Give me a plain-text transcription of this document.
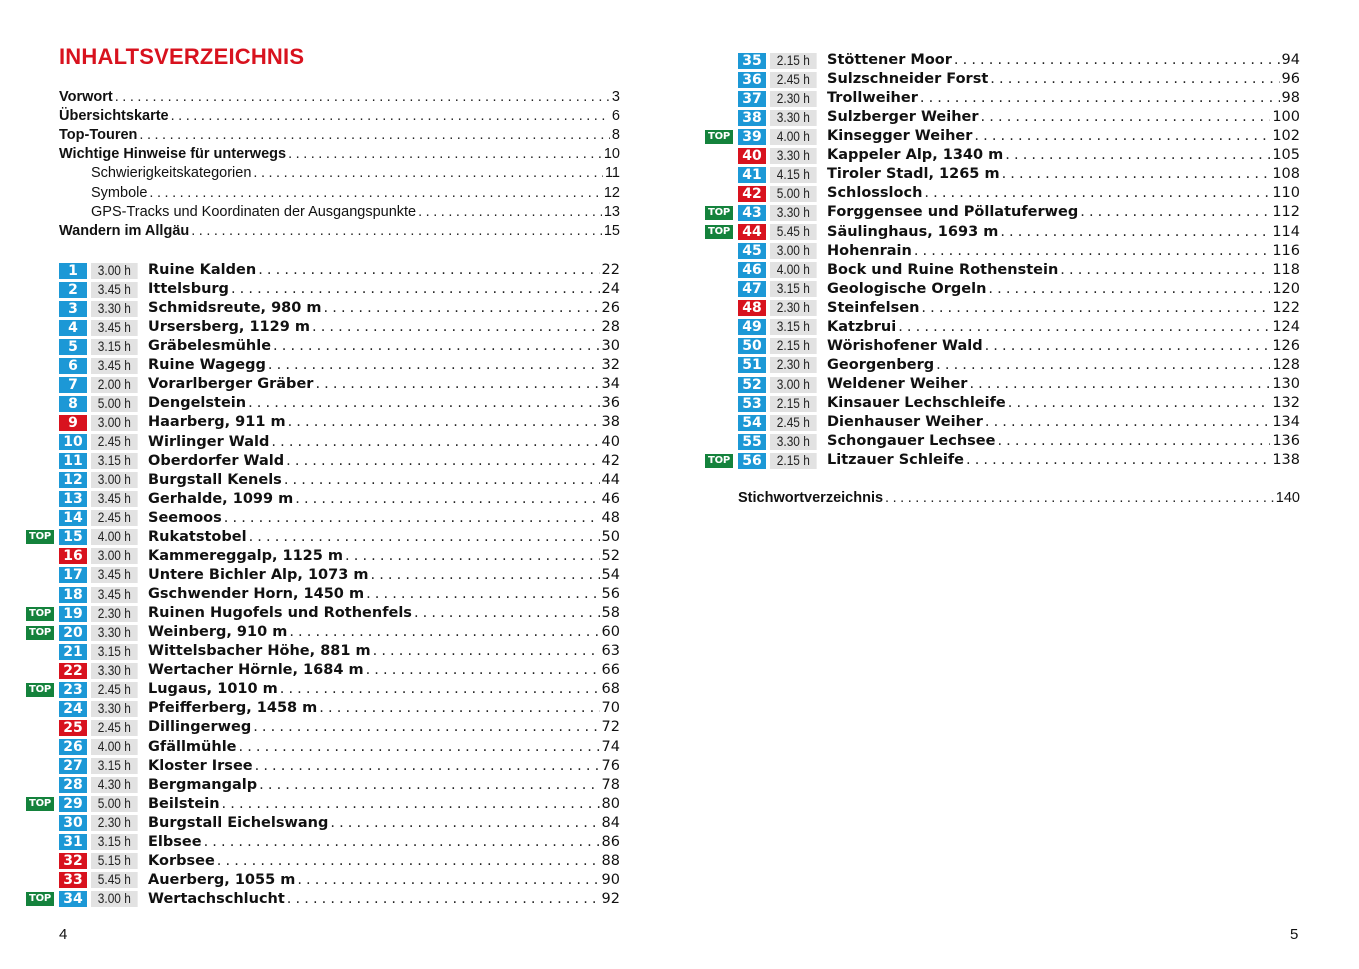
INHALTSVERZEICHNIS
Vorwort . . .	3
Übersichtskarte . . .	6
Top-Touren . . .	8
Wichtige Hinweise für unterwegs . . .	10
Schwierigkeitskategorien . . .	11
Symbole . . .	12
GPS-Tracks und Koordinaten der Ausgangspunkte . . .	13
Wandern im Allgäu . . .	15
1	3.00 h	Ruine Kalden . . .	22
2	3.45 h	Ittelsburg . . .	24
3	3.30 h	Schmidsreute, 980 m . . .	26
4	3.45 h	Ursersberg, 1129 m . . .	28
5	3.15 h	Gräbelesmühle . . .	30
6	3.45 h	Ruine Wagegg . . .	32
7	2.00 h	Vorarlberger Gräber . . .	34
8	5.00 h	Dengelstein . . .	36
9	3.00 h	Haarberg, 911 m . . .	38
10	2.45 h	Wirlinger Wald . . .	40
11	3.15 h	Oberdorfer Wald . . .	42
12	3.00 h	Burgstall Kenels . . .	44
13	3.45 h	Gerhalde, 1099 m . . .	46
14	2.45 h	Seemoos . . .	48
TOP 15	4.00 h	Rukatstobel . . .	50
16	3.00 h	Kammereggalp, 1125 m . . .	52
17	3.45 h	Untere Bichler Alp, 1073 m . . .	54
18	3.45 h	Gschwender Horn, 1450 m . . .	56
TOP 19	2.30 h	Ruinen Hugofels und Rothenfels . . .	58
TOP 20	3.30 h	Weinberg, 910 m . . .	60
21	3.15 h	Wittelsbacher Höhe, 881 m . . .	63
22	3.30 h	Wertacher Hörnle, 1684 m . . .	66
TOP 23	2.45 h	Lugaus, 1010 m . . .	68
24	3.30 h	Pfeifferberg, 1458 m . . .	70
25	2.45 h	Dillingerweg . . .	72
26	4.00 h	Gfällmühle . . .	74
27	3.15 h	Kloster Irsee . . .	76
28	4.30 h	Bergmangalp . . .	78
TOP 29	5.00 h	Beilstein . . .	80
30	2.30 h	Burgstall Eichelswang . . .	84
31	3.15 h	Elbsee . . .	86
32	5.15 h	Korbsee . . .	88
33	5.45 h	Auerberg, 1055 m . . .	90
TOP 34	3.00 h	Wertachschlucht . . .	92
4
35	2.15 h	Stöttener Moor . . .	94
36	2.45 h	Sulzschneider Forst . . .	96
37	2.30 h	Trollweiher . . .	98
38	3.30 h	Sulzberger Weiher . . .	100
TOP 39	4.00 h	Kinsegger Weiher . . .	102
40	3.30 h	Kappeler Alp, 1340 m . . .	105
41	4.15 h	Tiroler Stadl, 1265 m . . .	108
42	5.00 h	Schlossloch . . .	110
TOP 43	3.30 h	Forggensee und Pöllatuferweg . . .	112
TOP 44	5.45 h	Säulinghaus, 1693 m . . .	114
45	3.00 h	Hohenrain . . .	116
46	4.00 h	Bock und Ruine Rothenstein . . .	118
47	3.15 h	Geologische Orgeln . . .	120
48	2.30 h	Steinfelsen . . .	122
49	3.15 h	Katzbrui . . .	124
50	2.15 h	Wörishofener Wald . . .	126
51	2.30 h	Georgenberg . . .	128
52	3.00 h	Weldener Weiher . . .	130
53	2.15 h	Kinsauer Lechschleife . . .	132
54	2.45 h	Dienhauser Weiher . . .	134
55	3.30 h	Schongauer Lechsee . . .	136
TOP 56	2.15 h	Litzauer Schleife . . .	138
Stichwortverzeichnis . . .	140
5
